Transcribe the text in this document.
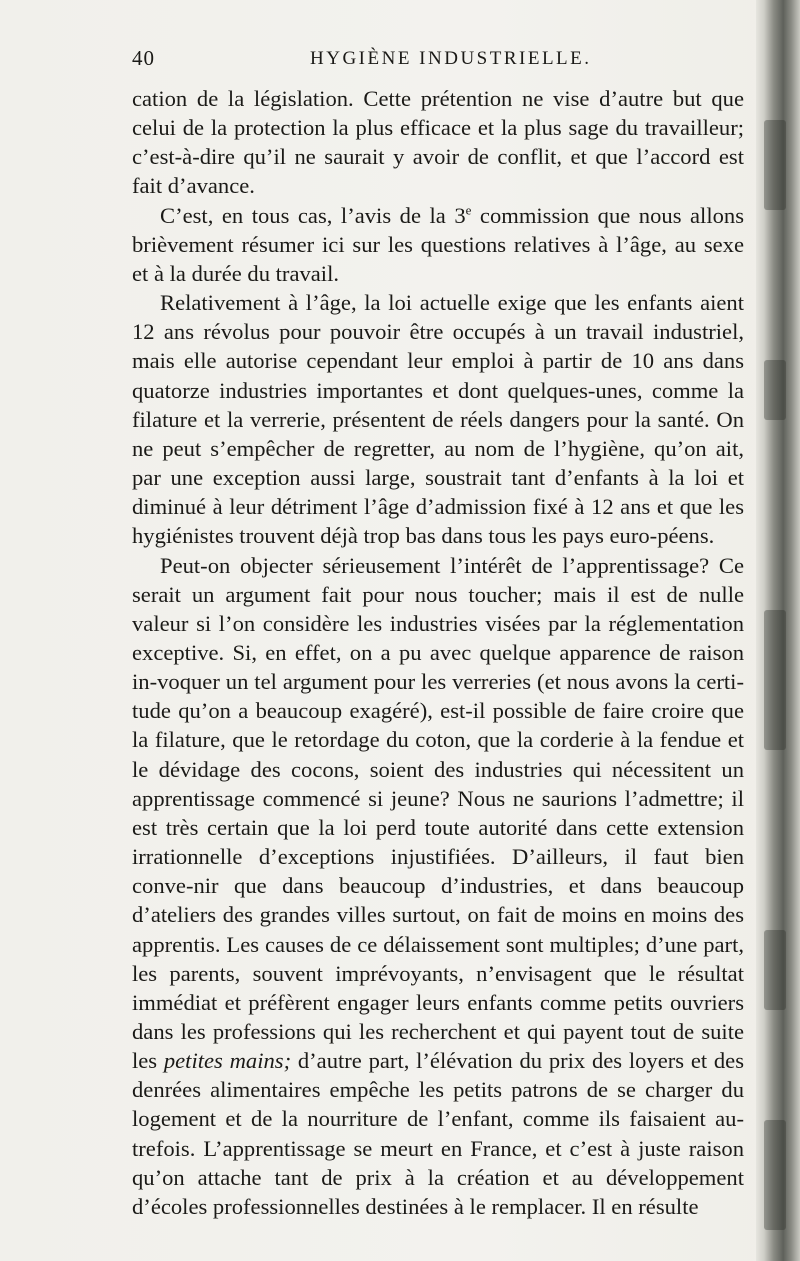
40	HYGIÈNE INDUSTRIELLE.

cation de la législation. Cette prétention ne vise d’autre but que celui de la protection la plus efficace et la plus sage du travailleur; c’est-à-dire qu’il ne saurait y avoir de conflit, et que l’accord est fait d’avance.

C’est, en tous cas, l’avis de la 3e commission que nous allons brièvement résumer ici sur les questions relatives à l’âge, au sexe et à la durée du travail.

Relativement à l’âge, la loi actuelle exige que les enfants aient 12 ans révolus pour pouvoir être occupés à un travail industriel, mais elle autorise cependant leur emploi à partir de 10 ans dans quatorze industries importantes et dont quelques-unes, comme la filature et la verrerie, présentent de réels dangers pour la santé. On ne peut s’empêcher de regretter, au nom de l’hygiène, qu’on ait, par une exception aussi large, soustrait tant d’enfants à la loi et diminué à leur détriment l’âge d’admission fixé à 12 ans et que les hygiénistes trouvent déjà trop bas dans tous les pays euro-péens.

Peut-on objecter sérieusement l’intérêt de l’apprentissage? Ce serait un argument fait pour nous toucher; mais il est de nulle valeur si l’on considère les industries visées par la réglementation exceptive. Si, en effet, on a pu avec quelque apparence de raison in-voquer un tel argument pour les verreries (et nous avons la certi-tude qu’on a beaucoup exagéré), est-il possible de faire croire que la filature, que le retordage du coton, que la corderie à la fendue et le dévidage des cocons, soient des industries qui nécessitent un apprentissage commencé si jeune? Nous ne saurions l’admettre; il est très certain que la loi perd toute autorité dans cette extension irrationnelle d’exceptions injustifiées. D’ailleurs, il faut bien conve-nir que dans beaucoup d’industries, et dans beaucoup d’ateliers des grandes villes surtout, on fait de moins en moins des apprentis. Les causes de ce délaissement sont multiples; d’une part, les parents, souvent imprévoyants, n’envisagent que le résultat immédiat et préfèrent engager leurs enfants comme petits ouvriers dans les professions qui les recherchent et qui payent tout de suite les petites mains; d’autre part, l’élévation du prix des loyers et des denrées alimentaires empêche les petits patrons de se charger du logement et de la nourriture de l’enfant, comme ils faisaient au-trefois. L’apprentissage se meurt en France, et c’est à juste raison qu’on attache tant de prix à la création et au développement d’écoles professionnelles destinées à le remplacer. Il en résulte
